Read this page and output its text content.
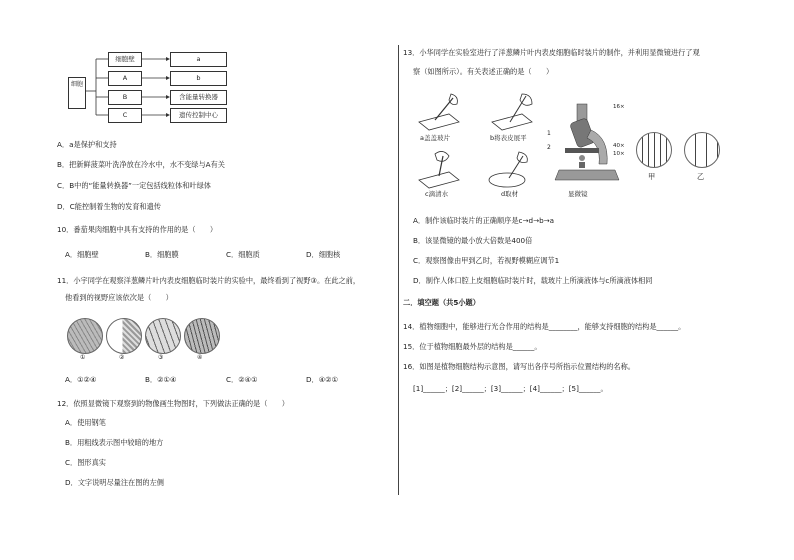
细胞
细胞壁
A
B
C
a
b
含能量转换器
遗传控制中心
A．a是保护和支持
B．把新鲜菠菜叶洗净放在冷水中，水不变绿与A有关
C．B中的“能量转换器”一定包括线粒体和叶绿体
D．C能控制着生物的发育和遗传
10．番茄果肉细胞中具有支持的作用的是（　　）
A．细胞壁	B．细胞膜	C．细胞质	D．细胞核
11．小宇同学在观察洋葱鳞片叶内表皮细胞临时装片的实验中，最终看到了视野③。在此之前，
他看到的视野应该依次是（　　）
①	②	③	④
A．①②④	B．②①④	C．②④①	D．④②①
12．依照显微镜下观察到的物像画生物图时，下列做法正确的是（　　）
A．使用钢笔
B．用粗线表示图中较暗的地方
C．图形真实
D．文字说明尽量注在图的左侧
13．小华同学在实验室进行了洋葱鳞片叶内表皮细胞临时装片的制作，并利用显微镜进行了观
察（如图所示）。有关表述正确的是（　　）
a盖盖玻片	b将表皮展平
c滴清水	d取材
16×
40×
10×
1
2
显微镜
甲	乙
A．制作该临时装片的正确顺序是c→d→b→a
B．该显微镜的最小放大倍数是400倍
C．观察图像由甲到乙时，若视野模糊应调节1
D．制作人体口腔上皮细胞临时装片时，载玻片上所滴液体与c所滴液体相同
二．填空题（共5小题）
14．植物细胞中，能够进行光合作用的结构是________，能够支持细胞的结构是______。
15．位于植物细胞最外层的结构是______。
16．如图是植物细胞结构示意图，请写出各序号所指示位置结构的名称。
[1]______；[2]______；[3]______；[4]______；[5]______。
